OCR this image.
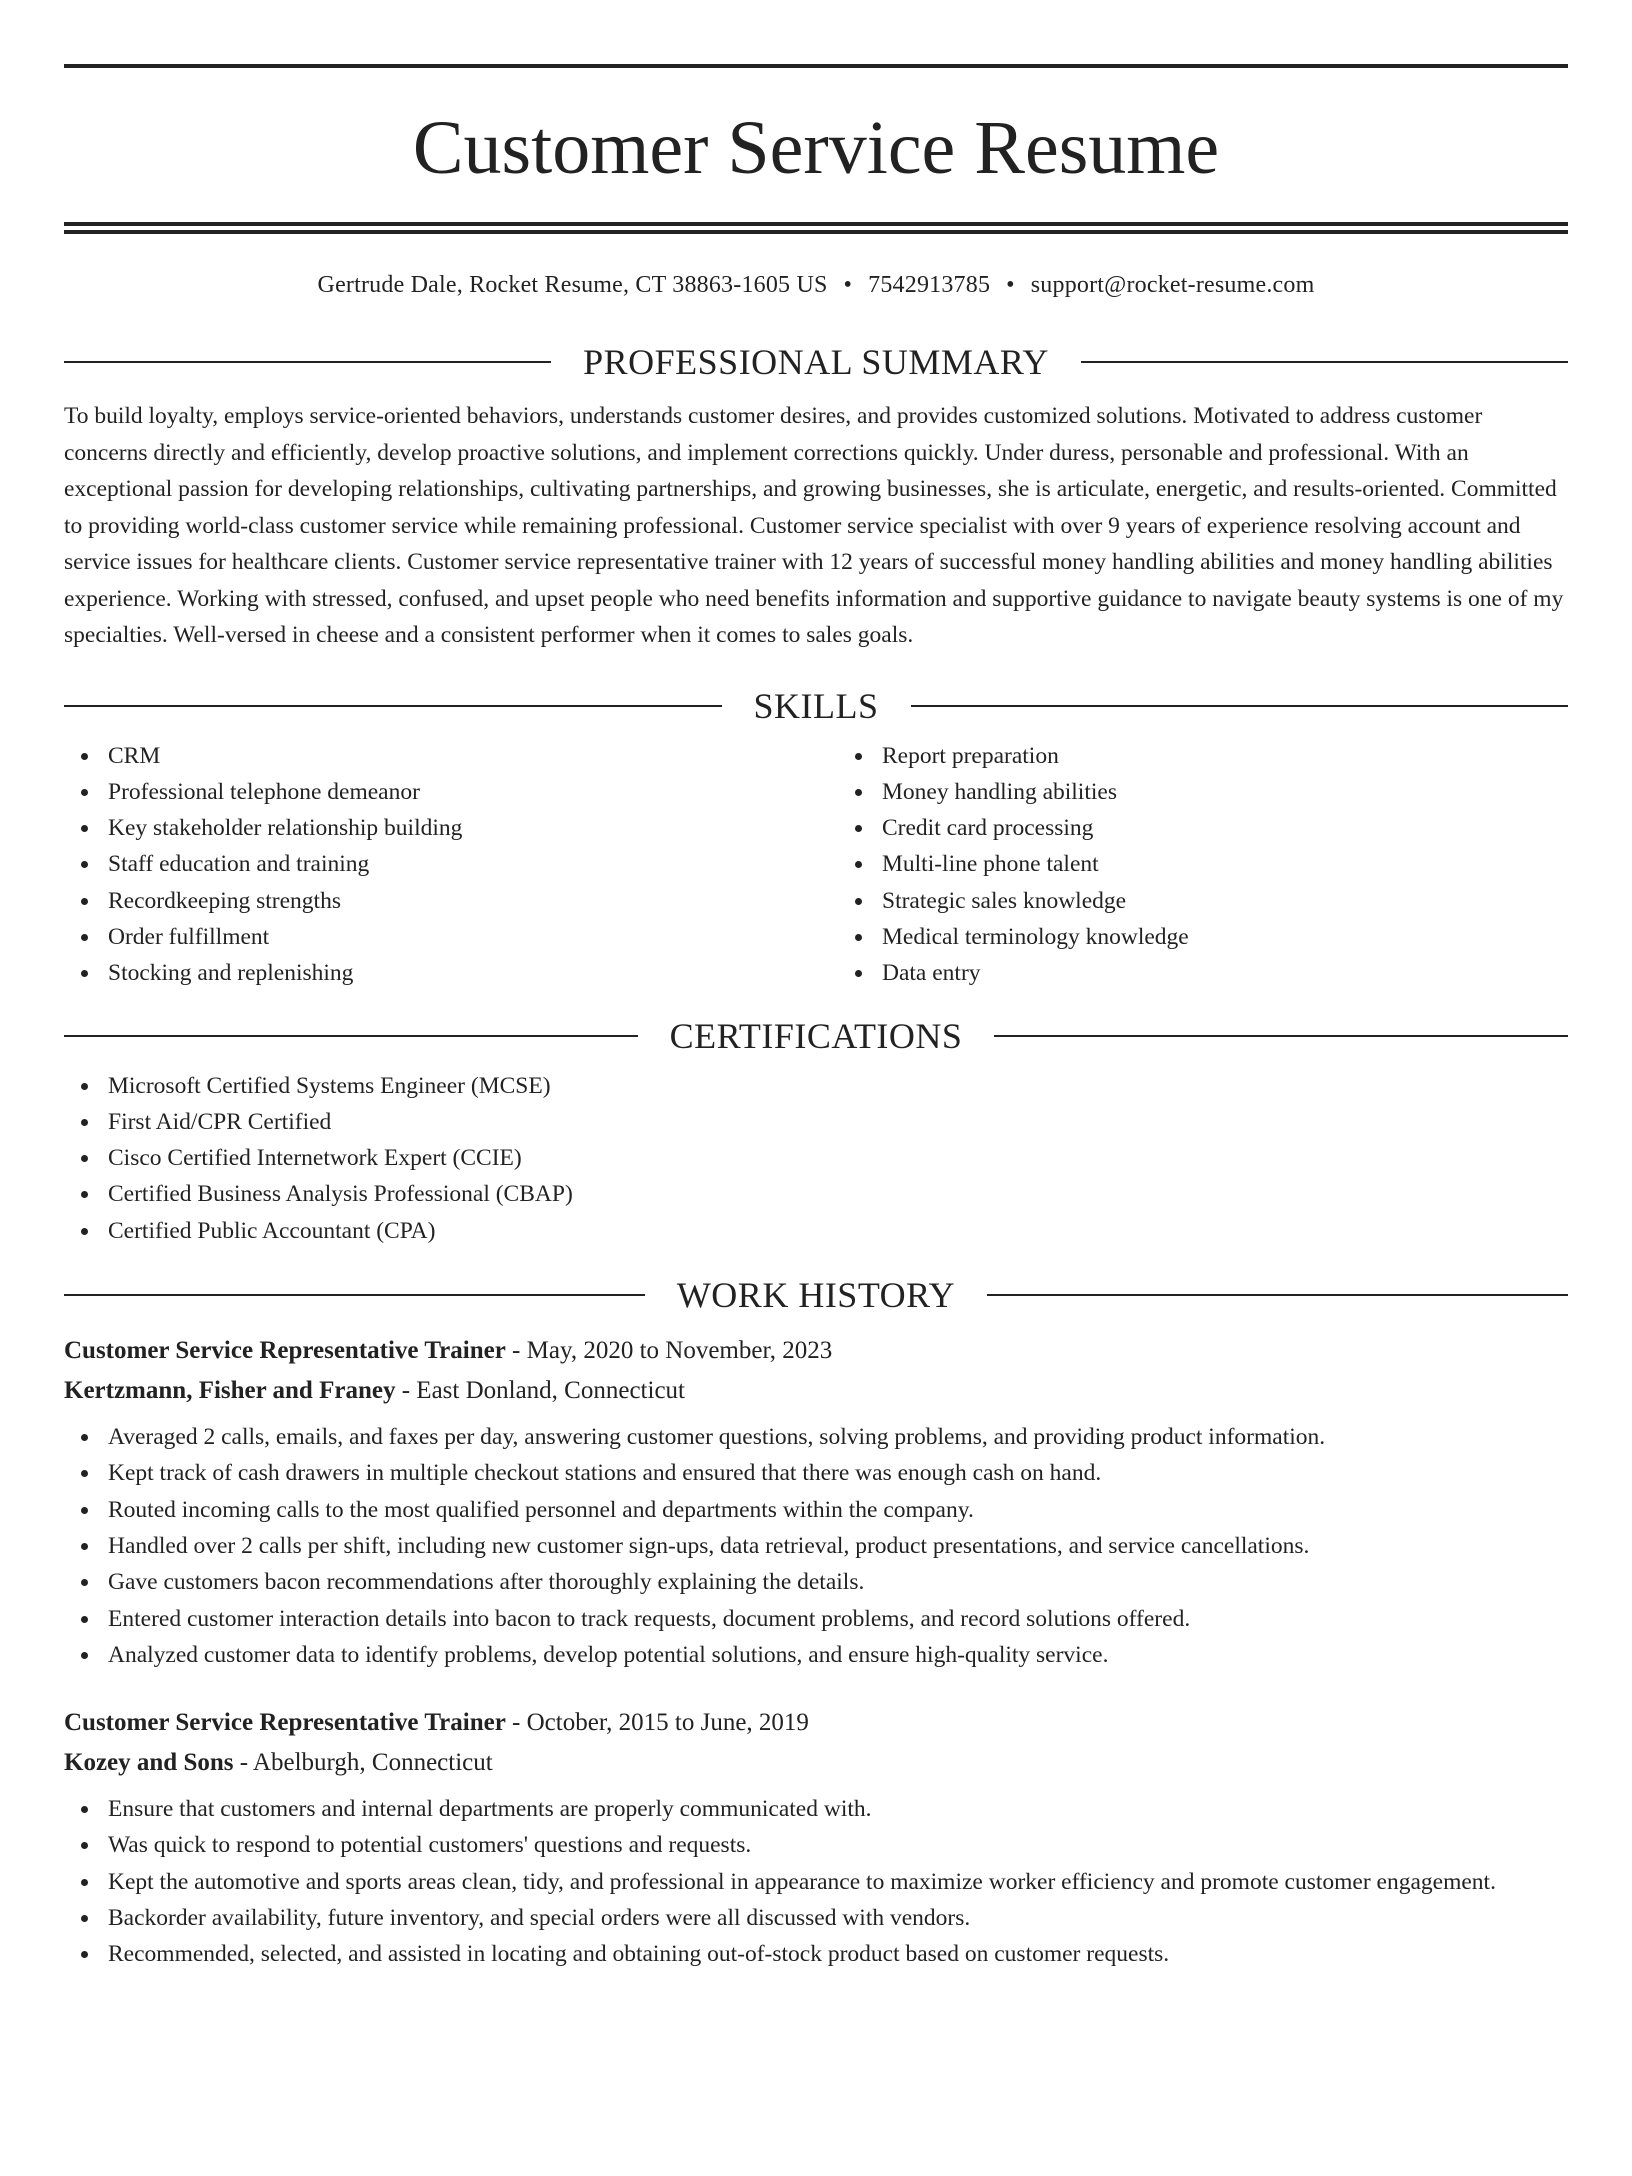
Customer Service Resume
Gertrude Dale, Rocket Resume, CT 38863-1605 US • 7542913785 • support@rocket-resume.com
PROFESSIONAL SUMMARY
To build loyalty, employs service-oriented behaviors, understands customer desires, and provides customized solutions. Motivated to address customer concerns directly and efficiently, develop proactive solutions, and implement corrections quickly. Under duress, personable and professional. With an exceptional passion for developing relationships, cultivating partnerships, and growing businesses, she is articulate, energetic, and results-oriented. Committed to providing world-class customer service while remaining professional. Customer service specialist with over 9 years of experience resolving account and service issues for healthcare clients. Customer service representative trainer with 12 years of successful money handling abilities and money handling abilities experience. Working with stressed, confused, and upset people who need benefits information and supportive guidance to navigate beauty systems is one of my specialties. Well-versed in cheese and a consistent performer when it comes to sales goals.
SKILLS
CRM
Professional telephone demeanor
Key stakeholder relationship building
Staff education and training
Recordkeeping strengths
Order fulfillment
Stocking and replenishing
Report preparation
Money handling abilities
Credit card processing
Multi-line phone talent
Strategic sales knowledge
Medical terminology knowledge
Data entry
CERTIFICATIONS
Microsoft Certified Systems Engineer (MCSE)
First Aid/CPR Certified
Cisco Certified Internetwork Expert (CCIE)
Certified Business Analysis Professional (CBAP)
Certified Public Accountant (CPA)
WORK HISTORY
Customer Service Representative Trainer - May, 2020 to November, 2023
Kertzmann, Fisher and Franey - East Donland, Connecticut
Averaged 2 calls, emails, and faxes per day, answering customer questions, solving problems, and providing product information.
Kept track of cash drawers in multiple checkout stations and ensured that there was enough cash on hand.
Routed incoming calls to the most qualified personnel and departments within the company.
Handled over 2 calls per shift, including new customer sign-ups, data retrieval, product presentations, and service cancellations.
Gave customers bacon recommendations after thoroughly explaining the details.
Entered customer interaction details into bacon to track requests, document problems, and record solutions offered.
Analyzed customer data to identify problems, develop potential solutions, and ensure high-quality service.
Customer Service Representative Trainer - October, 2015 to June, 2019
Kozey and Sons - Abelburgh, Connecticut
Ensure that customers and internal departments are properly communicated with.
Was quick to respond to potential customers' questions and requests.
Kept the automotive and sports areas clean, tidy, and professional in appearance to maximize worker efficiency and promote customer engagement.
Backorder availability, future inventory, and special orders were all discussed with vendors.
Recommended, selected, and assisted in locating and obtaining out-of-stock product based on customer requests.
